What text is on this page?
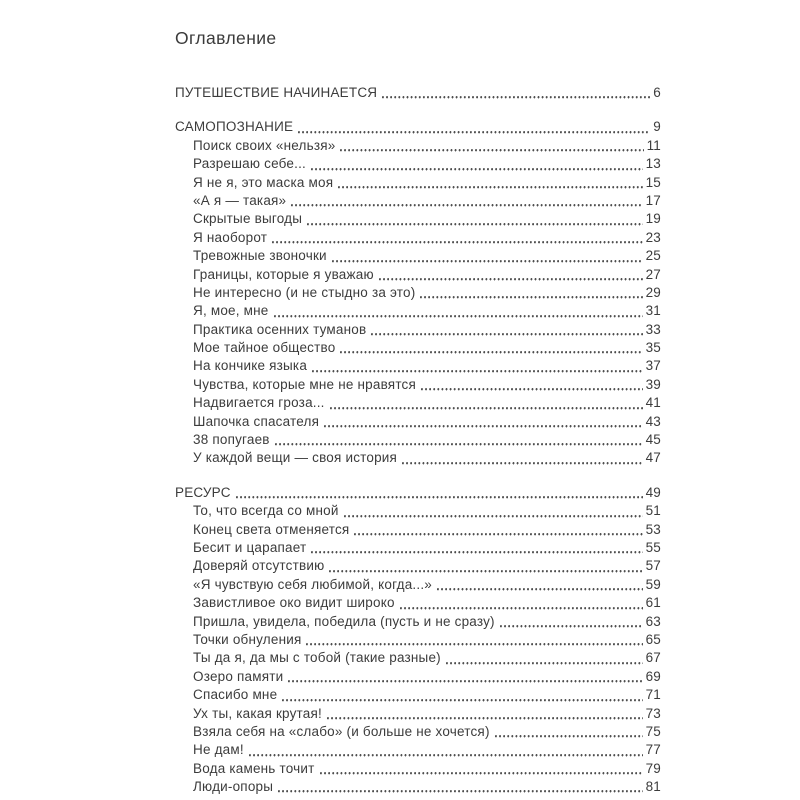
Оглавление
ПУТЕШЕСТВИЕ НАЧИНАЕТСЯ	6
САМОПОЗНАНИЕ	9
Поиск своих «нельзя»	11
Разрешаю себе...	13
Я не я, это маска моя	15
«А я — такая»	17
Скрытые выгоды	19
Я наоборот	23
Тревожные звоночки	25
Границы, которые я уважаю	27
Не интересно (и не стыдно за это)	29
Я, мое, мне	31
Практика осенних туманов	33
Мое тайное общество	35
На кончике языка	37
Чувства, которые мне не нравятся	39
Надвигается гроза...	41
Шапочка спасателя	43
38 попугаев	45
У каждой вещи — своя история	47
РЕСУРС	49
То, что всегда со мной	51
Конец света отменяется	53
Бесит и царапает	55
Доверяй отсутствию	57
«Я чувствую себя любимой, когда...»	59
Завистливое око видит широко	61
Пришла, увидела, победила (пусть и не сразу)	63
Точки обнуления	65
Ты да я, да мы с тобой (такие разные)	67
Озеро памяти	69
Спасибо мне	71
Ух ты, какая крутая!	73
Взяла себя на «слабо» (и больше не хочется)	75
Не дам!	77
Вода камень точит	79
Люди-опоры	81
